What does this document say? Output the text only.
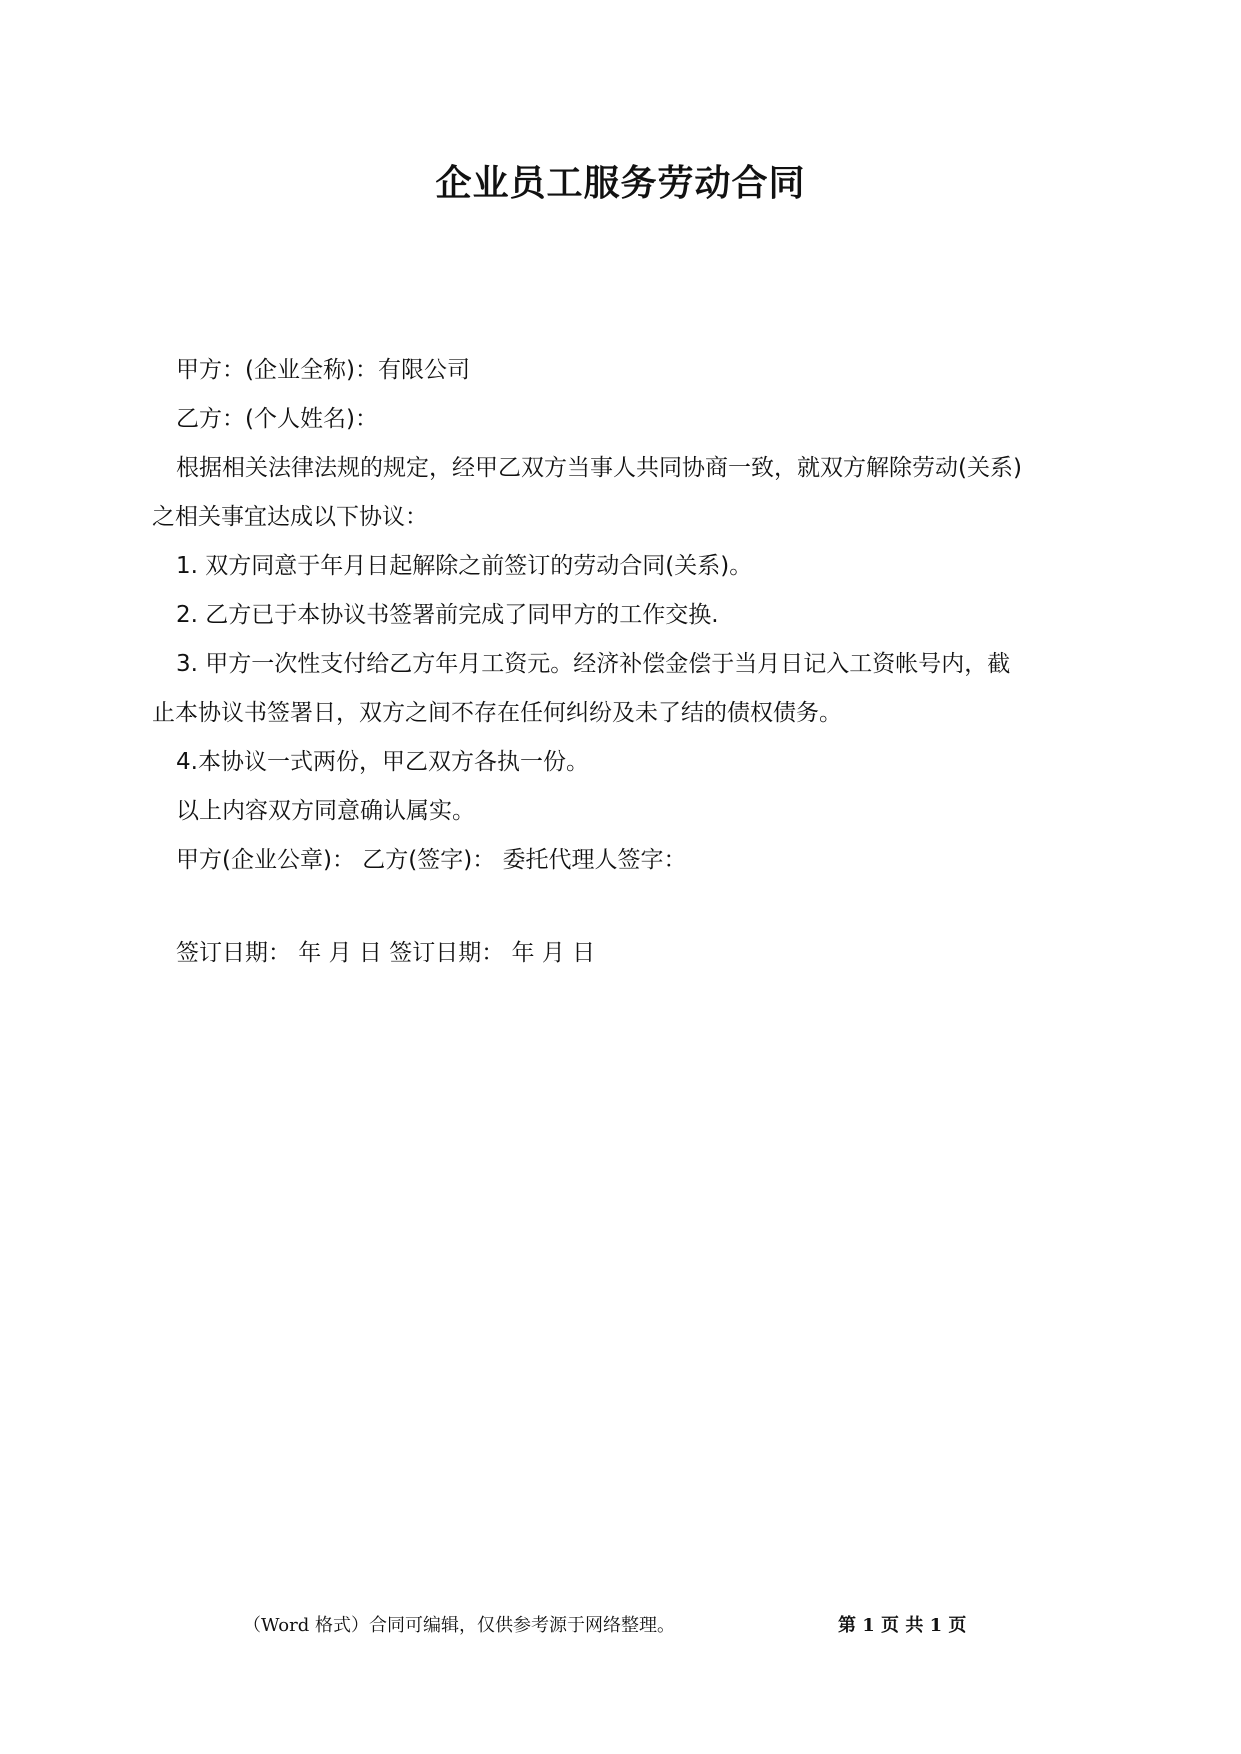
企业员工服务劳动合同
甲方：(企业全称)：有限公司
乙方：(个人姓名)：
根据相关法律法规的规定，经甲乙双方当事人共同协商一致，就双方解除劳动(关系)
之相关事宜达成以下协议：
1. 双方同意于年月日起解除之前签订的劳动合同(关系)。
2. 乙方已于本协议书签署前完成了同甲方的工作交换.
3. 甲方一次性支付给乙方年月工资元。经济补偿金偿于当月日记入工资帐号内，截
止本协议书签署日，双方之间不存在任何纠纷及未了结的债权债务。
4.本协议一式两份，甲乙双方各执一份。
以上内容双方同意确认属实。
甲方(企业公章)： 乙方(签字)： 委托代理人签字：
签订日期： 年 月 日 签订日期： 年 月 日
（Word 格式）合同可编辑，仅供参考源于网络整理。	第 1 页 共 1 页
